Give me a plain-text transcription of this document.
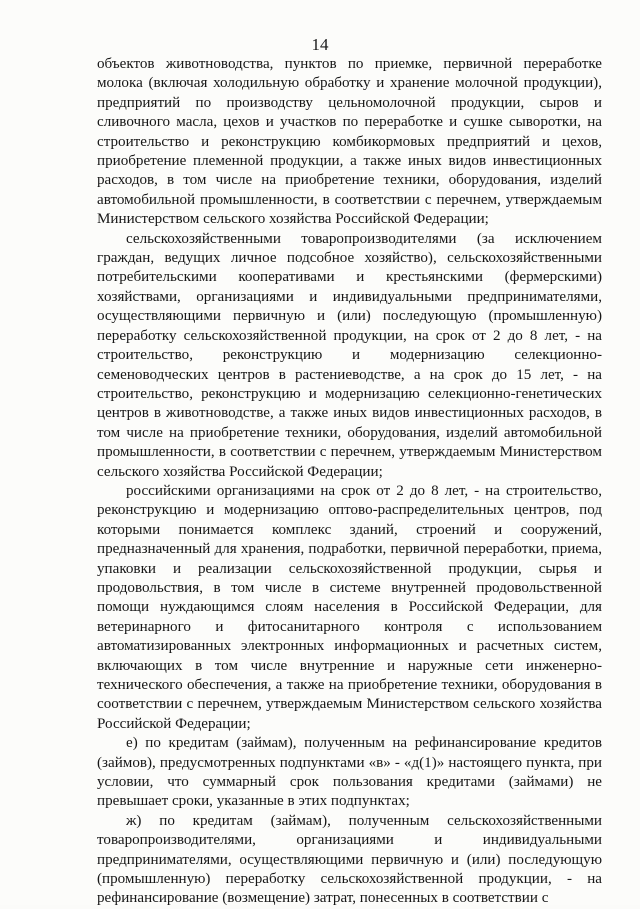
14

объектов животноводства, пунктов по приемке, первичной переработке молока (включая холодильную обработку и хранение молочной продукции), предприятий по производству цельномолочной продукции, сыров и сливочного масла, цехов и участков по переработке и сушке сыворотки, на строительство и реконструкцию комбикормовых предприятий и цехов, приобретение племенной продукции, а также иных видов инвестиционных расходов, в том числе на приобретение техники, оборудования, изделий автомобильной промышленности, в соответствии с перечнем, утверждаемым Министерством сельского хозяйства Российской Федерации;

сельскохозяйственными товаропроизводителями (за исключением граждан, ведущих личное подсобное хозяйство), сельскохозяйственными потребительскими кооперативами и крестьянскими (фермерскими) хозяйствами, организациями и индивидуальными предпринимателями, осуществляющими первичную и (или) последующую (промышленную) переработку сельскохозяйственной продукции, на срок от 2 до 8 лет, - на строительство, реконструкцию и модернизацию селекционно-семеноводческих центров в растениеводстве, а на срок до 15 лет, - на строительство, реконструкцию и модернизацию селекционно-генетических центров в животноводстве, а также иных видов инвестиционных расходов, в том числе на приобретение техники, оборудования, изделий автомобильной промышленности, в соответствии с перечнем, утверждаемым Министерством сельского хозяйства Российской Федерации;

российскими организациями на срок от 2 до 8 лет, - на строительство, реконструкцию и модернизацию оптово-распределительных центров, под которыми понимается комплекс зданий, строений и сооружений, предназначенный для хранения, подработки, первичной переработки, приема, упаковки и реализации сельскохозяйственной продукции, сырья и продовольствия, в том числе в системе внутренней продовольственной помощи нуждающимся слоям населения в Российской Федерации, для ветеринарного и фитосанитарного контроля с использованием автоматизированных электронных информационных и расчетных систем, включающих в том числе внутренние и наружные сети инженерно-технического обеспечения, а также на приобретение техники, оборудования в соответствии с перечнем, утверждаемым Министерством сельского хозяйства Российской Федерации;

е) по кредитам (займам), полученным на рефинансирование кредитов (займов), предусмотренных подпунктами «в» - «д(1)» настоящего пункта, при условии, что суммарный срок пользования кредитами (займами) не превышает сроки, указанные в этих подпунктах;

ж) по кредитам (займам), полученным сельскохозяйственными товаропроизводителями, организациями и индивидуальными предпринимателями, осуществляющими первичную и (или) последующую (промышленную) переработку сельскохозяйственной продукции, - на рефинансирование (возмещение) затрат, понесенных в соответствии с
